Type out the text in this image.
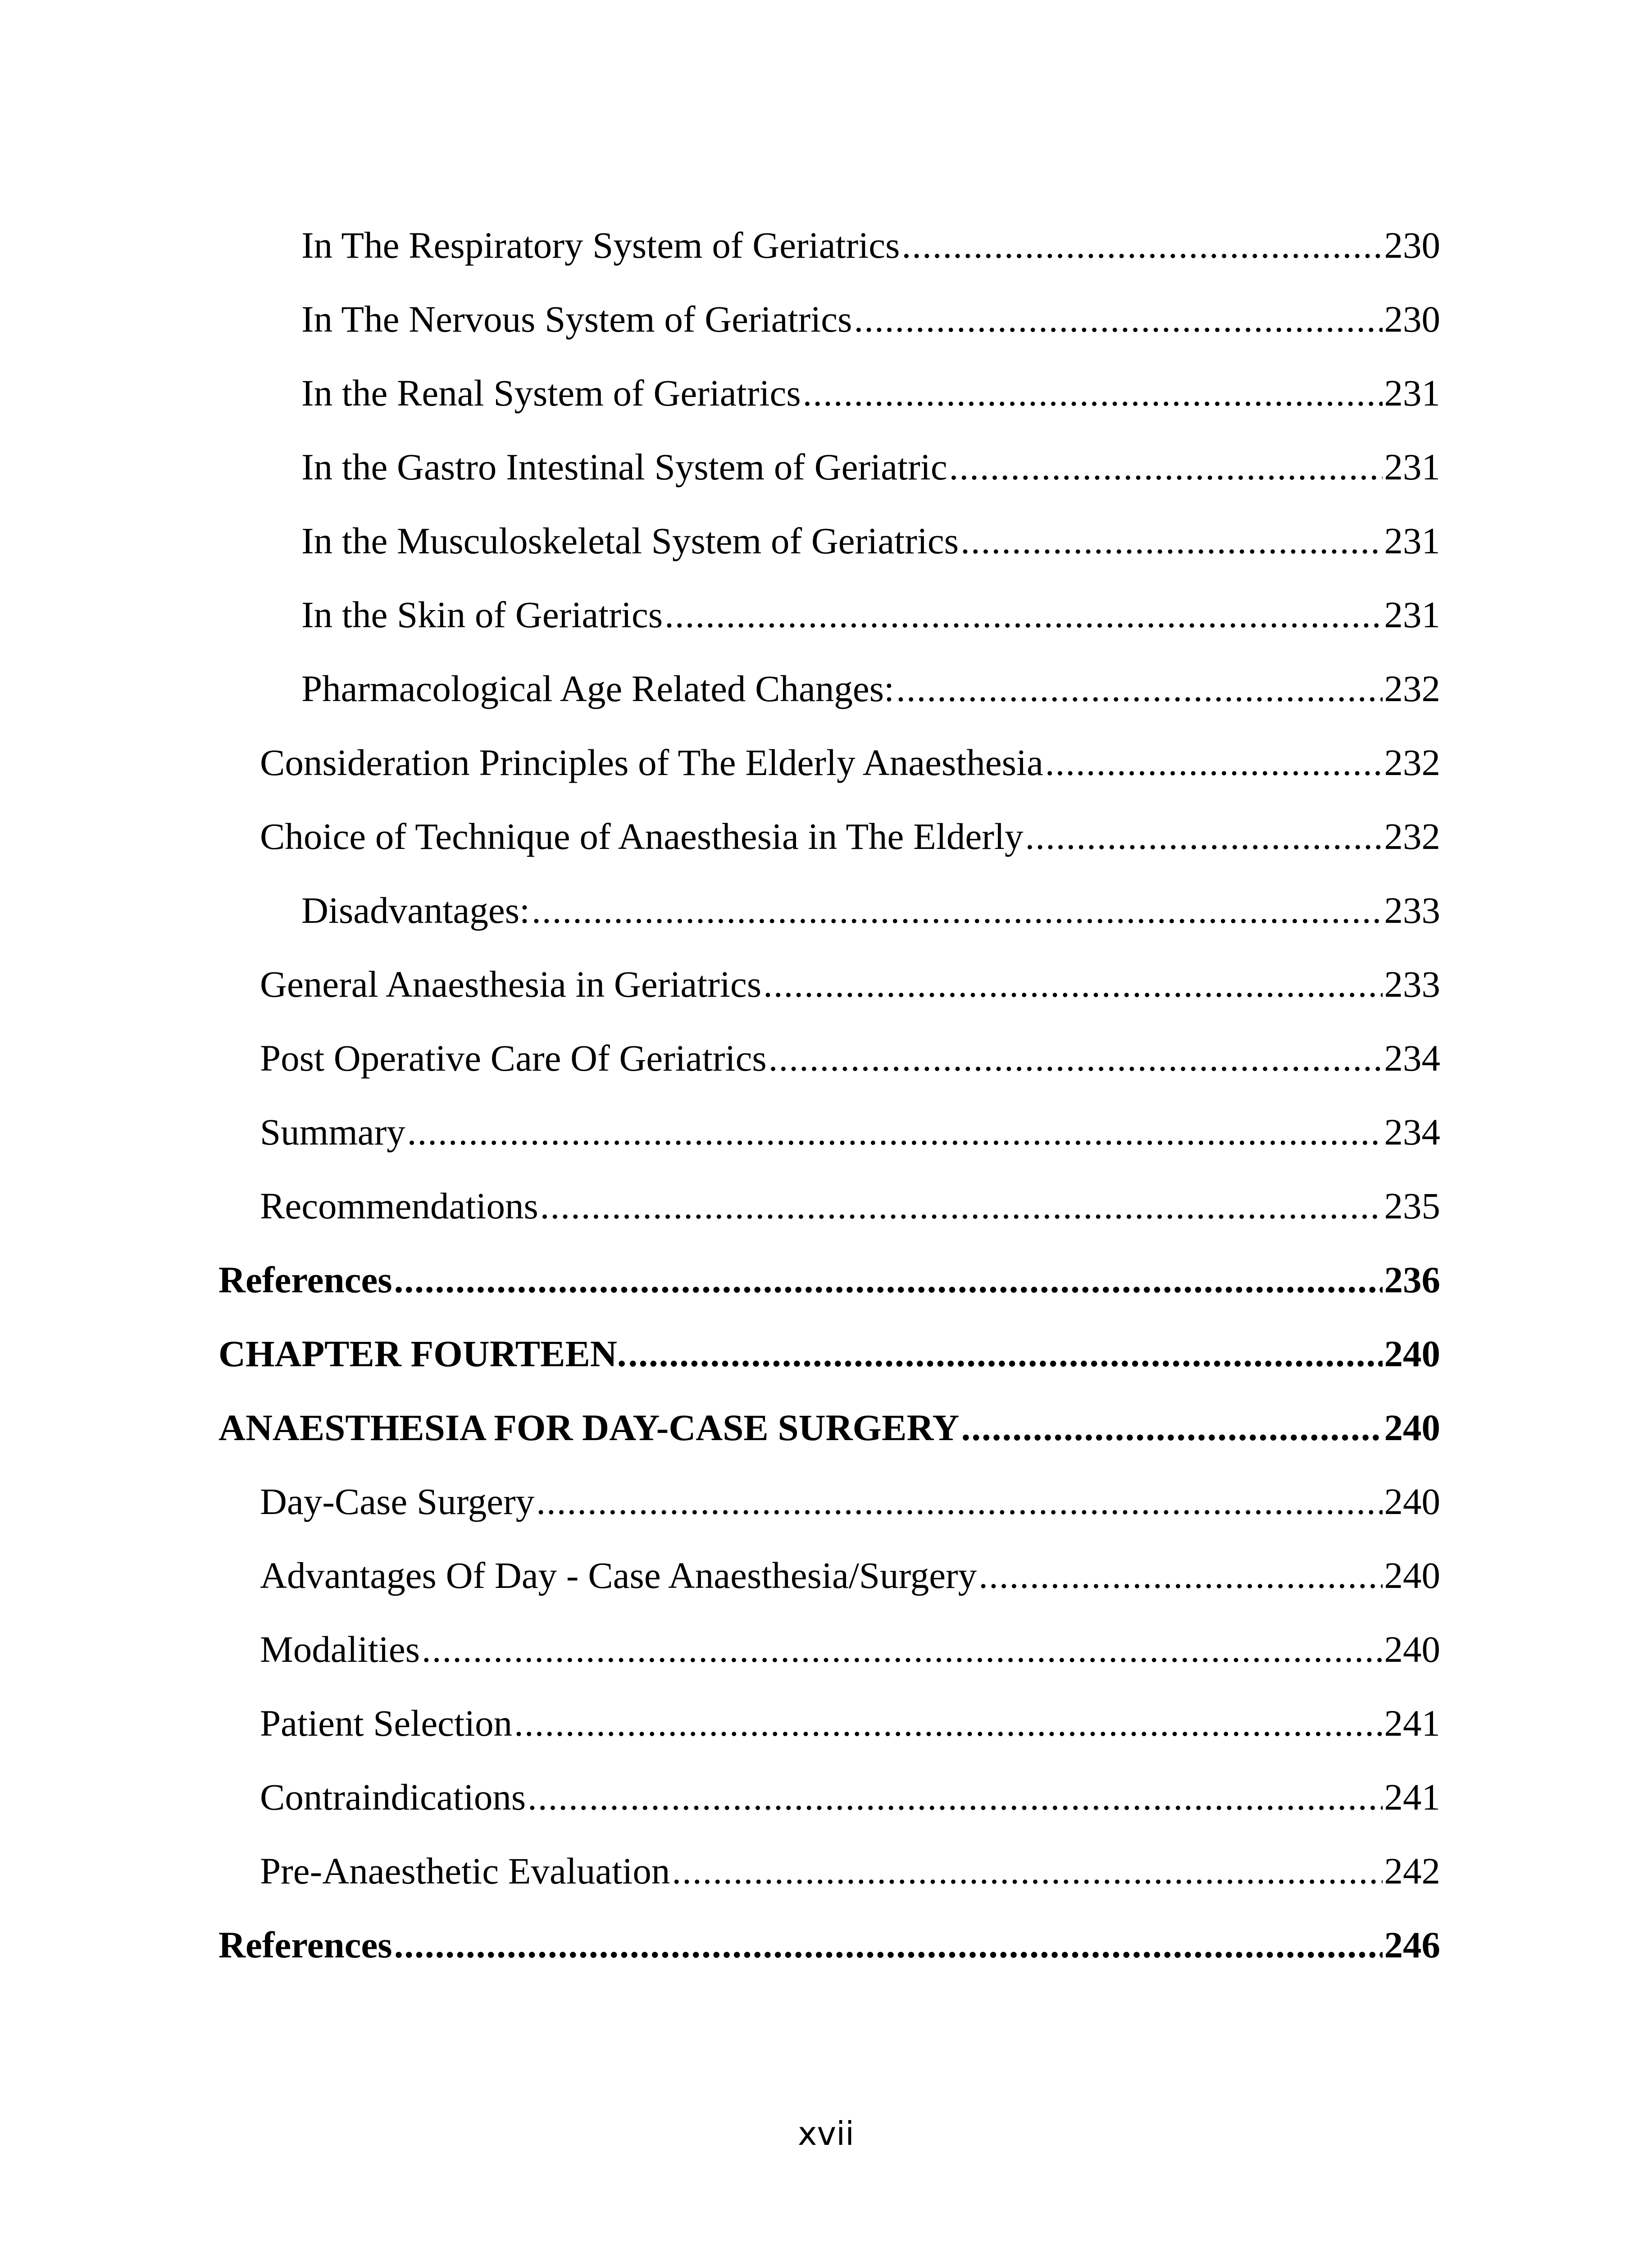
In The Respiratory System of Geriatrics .....	230
In The Nervous System of Geriatrics .....	230
In the Renal System of Geriatrics .....	231
In the Gastro Intestinal System of Geriatric .....	231
In the Musculoskeletal System of Geriatrics .....	231
In the Skin of Geriatrics .....	231
Pharmacological Age Related Changes: .....	232
Consideration Principles of The Elderly Anaesthesia .....	232
Choice of Technique of Anaesthesia in The Elderly .....	232
Disadvantages: .....	233
General Anaesthesia in Geriatrics .....	233
Post Operative Care Of Geriatrics .....	234
Summary .....	234
Recommendations .....	235
References .....	236
CHAPTER FOURTEEN. .....	240
ANAESTHESIA FOR DAY-CASE SURGERY .....	240
Day-Case Surgery .....	240
Advantages Of Day - Case Anaesthesia/Surgery .....	240
Modalities .....	240
Patient Selection .....	241
Contraindications .....	241
Pre-Anaesthetic Evaluation .....	242
References .....	246
xvii
